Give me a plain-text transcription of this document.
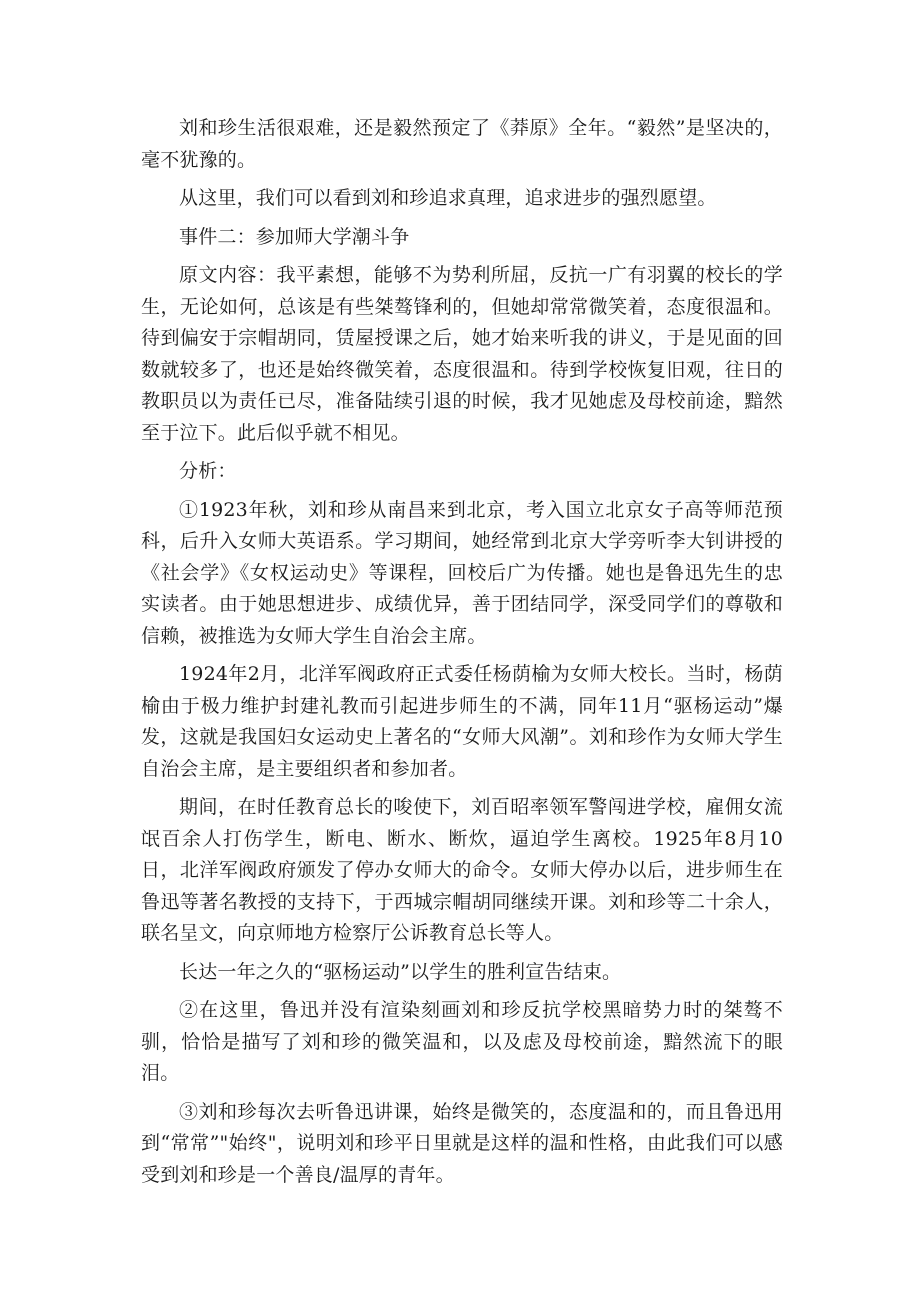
刘和珍生活很艰难，还是毅然预定了《莽原》全年。“毅然”是坚决的，毫不犹豫的。

从这里，我们可以看到刘和珍追求真理，追求进步的强烈愿望。

事件二：参加师大学潮斗争

原文内容：我平素想，能够不为势利所屈，反抗一广有羽翼的校长的学生，无论如何，总该是有些桀骜锋利的，但她却常常微笑着，态度很温和。待到偏安于宗帽胡同，赁屋授课之后，她才始来听我的讲义，于是见面的回数就较多了，也还是始终微笑着，态度很温和。待到学校恢复旧观，往日的教职员以为责任已尽，准备陆续引退的时候，我才见她虑及母校前途，黯然至于泣下。此后似乎就不相见。

分析：

①1923年秋，刘和珍从南昌来到北京，考入国立北京女子高等师范预科，后升入女师大英语系。学习期间，她经常到北京大学旁听李大钊讲授的《社会学》《女权运动史》等课程，回校后广为传播。她也是鲁迅先生的忠实读者。由于她思想进步、成绩优异，善于团结同学，深受同学们的尊敬和信赖，被推选为女师大学生自治会主席。

1924年2月，北洋军阀政府正式委任杨荫榆为女师大校长。当时，杨荫榆由于极力维护封建礼教而引起进步师生的不满，同年11月“驱杨运动”爆发，这就是我国妇女运动史上著名的“女师大风潮”。刘和珍作为女师大学生自治会主席，是主要组织者和参加者。

期间，在时任教育总长的唆使下，刘百昭率领军警闯进学校，雇佣女流氓百余人打伤学生，断电、断水、断炊，逼迫学生离校。1925年8月10日，北洋军阀政府颁发了停办女师大的命令。女师大停办以后，进步师生在鲁迅等著名教授的支持下，于西城宗帽胡同继续开课。刘和珍等二十余人，联名呈文，向京师地方检察厅公诉教育总长等人。

长达一年之久的“驱杨运动”以学生的胜利宣告结束。

②在这里，鲁迅并没有渲染刻画刘和珍反抗学校黑暗势力时的桀骜不驯，恰恰是描写了刘和珍的微笑温和，以及虑及母校前途，黯然流下的眼泪。

③刘和珍每次去听鲁迅讲课，始终是微笑的，态度温和的，而且鲁迅用到“常常”"始终"，说明刘和珍平日里就是这样的温和性格，由此我们可以感受到刘和珍是一个善良/温厚的青年。
